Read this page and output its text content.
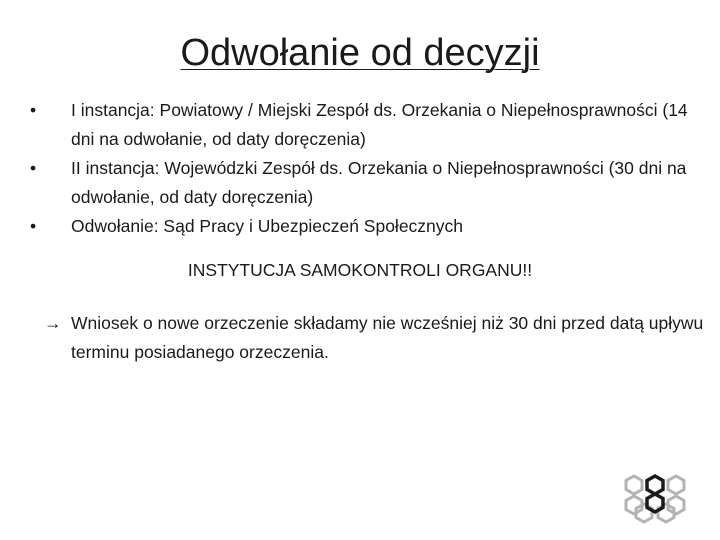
Odwołanie od decyzji
•	I instancja: Powiatowy / Miejski Zespół ds. Orzekania o Niepełnosprawności (14 dni na odwołanie, od daty doręczenia)
•	II instancja: Wojewódzki Zespół ds. Orzekania o Niepełnosprawności (30 dni na odwołanie, od daty doręczenia)
•	Odwołanie: Sąd Pracy i Ubezpieczeń Społecznych
INSTYTUCJA SAMOKONTROLI ORGANU!!
→ Wniosek o nowe orzeczenie składamy nie wcześniej niż 30 dni przed datą upływu terminu posiadanego orzeczenia.
